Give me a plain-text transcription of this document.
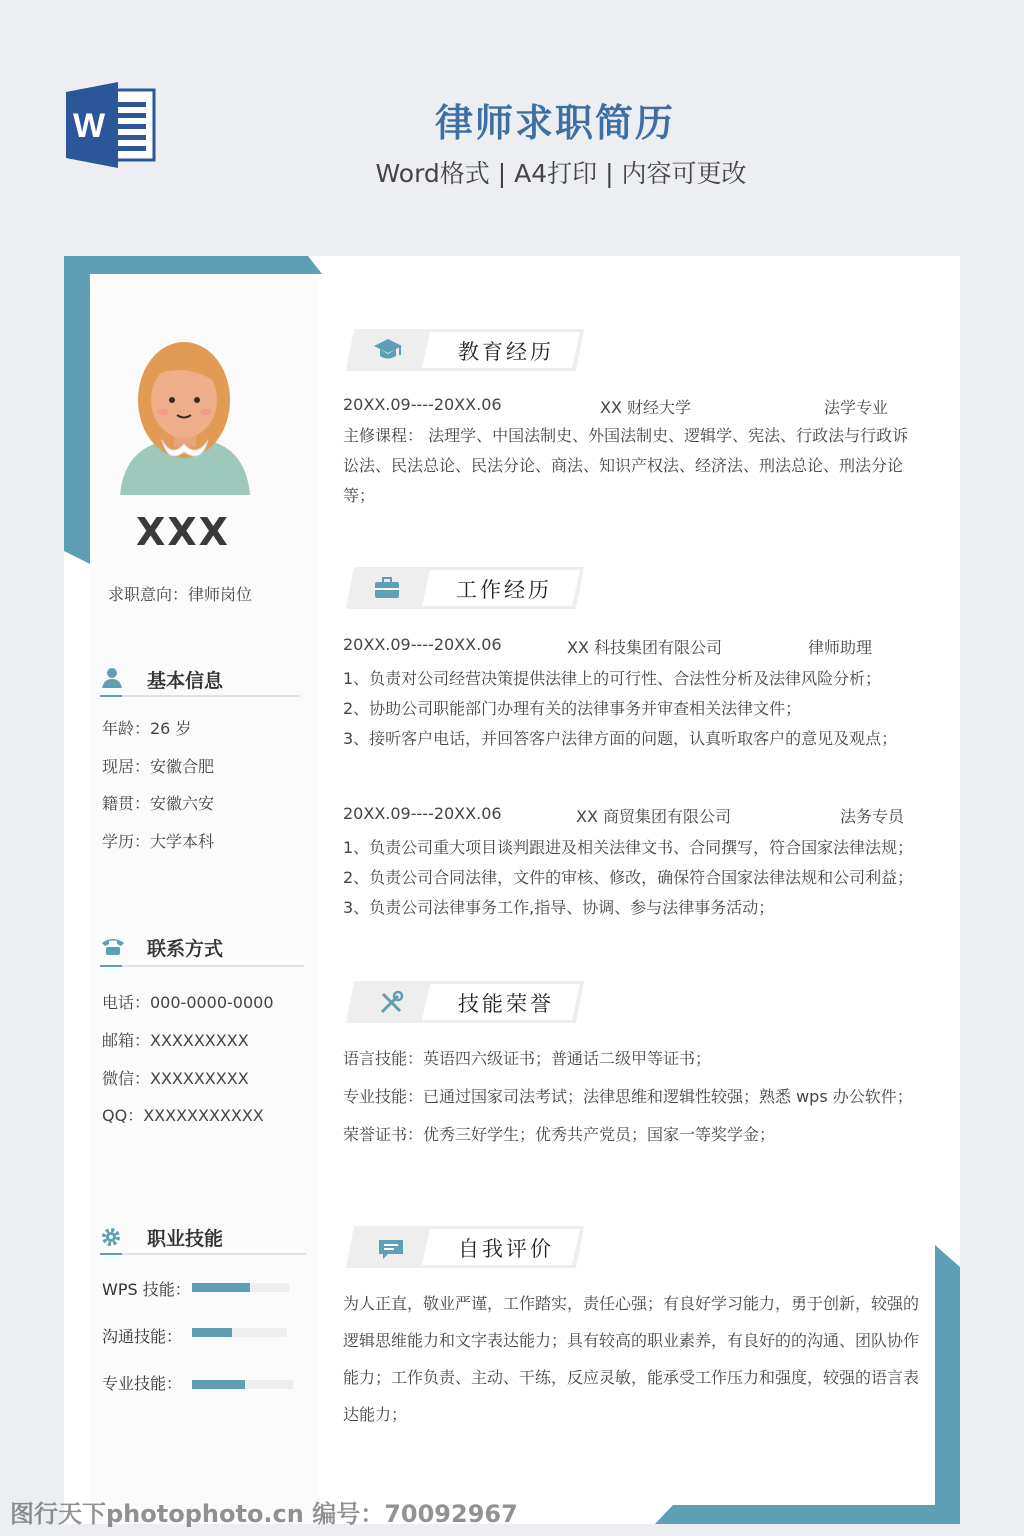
W	律师求职简历
Word格式 | A4打印 | 内容可更改
XXX
求职意向：律师岗位
基本信息
年龄：26 岁
现居：安徽合肥
籍贯：安徽六安
学历：大学本科
联系方式
电话：000-0000-0000
邮箱：XXXXXXXXX
微信：XXXXXXXXX
QQ：XXXXXXXXXXX
职业技能
WPS 技能：
沟通技能：
专业技能：
教育经历
20XX.09----20XX.06	XX 财经大学	法学专业
主修课程： 法理学、中国法制史、外国法制史、逻辑学、宪法、行政法与行政诉讼法、民法总论、民法分论、商法、知识产权法、经济法、刑法总论、刑法分论等；
工作经历
20XX.09----20XX.06	XX 科技集团有限公司	律师助理
1、负责对公司经营决策提供法律上的可行性、合法性分析及法律风险分析；
2、协助公司职能部门办理有关的法律事务并审查相关法律文件；
3、接听客户电话，并回答客户法律方面的问题，认真听取客户的意见及观点；
20XX.09----20XX.06	XX 商贸集团有限公司	法务专员
1、负责公司重大项目谈判跟进及相关法律文书、合同撰写，符合国家法律法规；
2、负责公司合同法律，文件的审核、修改，确保符合国家法律法规和公司利益；
3、负责公司法律事务工作,指导、协调、参与法律事务活动；
技能荣誉
语言技能：英语四六级证书；普通话二级甲等证书；
专业技能：已通过国家司法考试；法律思维和逻辑性较强；熟悉 wps 办公软件；
荣誉证书：优秀三好学生；优秀共产党员；国家一等奖学金；
自我评价
为人正直，敬业严谨，工作踏实，责任心强；有良好学习能力，勇于创新，较强的逻辑思维能力和文字表达能力；具有较高的职业素养，有良好的的沟通、团队协作能力；工作负责、主动、干练，反应灵敏，能承受工作压力和强度，较强的语言表达能力；
图行天下photophoto.cn 编号：70092967
